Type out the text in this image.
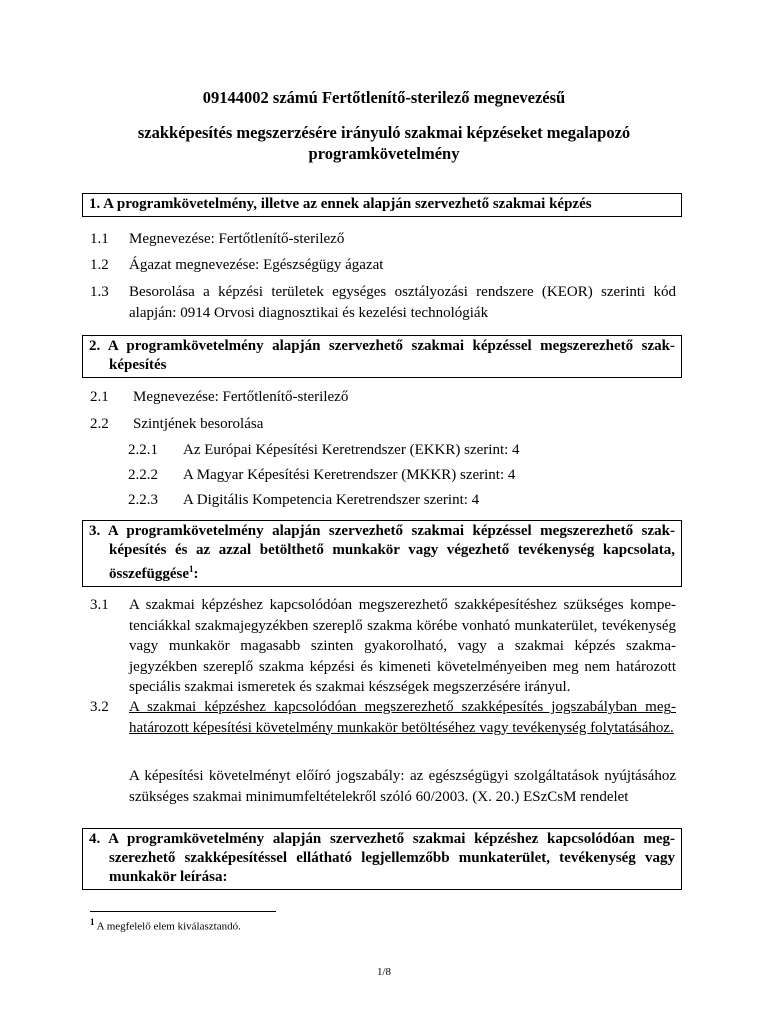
09144002 számú Fertőtlenítő-sterilező megnevezésű
szakképesítés megszerzésére irányuló szakmai képzéseket megalapozó
programkövetelmény
1. A programkövetelmény, illetve az ennek alapján szervezhető szakmai képzés
1.1 Megnevezése: Fertőtlenítő-sterilező
1.2 Ágazat megnevezése: Egészségügy ágazat
1.3 Besorolása a képzési területek egységes osztályozási rendszere (KEOR) szerinti kód alapján: 0914 Orvosi diagnosztikai és kezelési technológiák
2. A programkövetelmény alapján szervezhető szakmai képzéssel megszerezhető szakképesítés
2.1 Megnevezése: Fertőtlenítő-sterilező
2.2 Szintjének besorolása
2.2.1 Az Európai Képesítési Keretrendszer (EKKR) szerint: 4
2.2.2 A Magyar Képesítési Keretrendszer (MKKR) szerint: 4
2.2.3 A Digitális Kompetencia Keretrendszer szerint: 4
3. A programkövetelmény alapján szervezhető szakmai képzéssel megszerezhető szakképesítés és az azzal betölthető munkakör vagy végezhető tevékenység kapcsolata, összefüggése$^1$:
3.1 A szakmai képzéshez kapcsolódóan megszerezhető szakképesítéshez szükséges kompetenciákkal szakmajegyzékben szereplő szakma körébe vonható munkaterület, tevékenység vagy munkakör magasabb szinten gyakorolható, vagy a szakmai képzés szakmajegyzékben szereplő szakma képzési és kimeneti követelményeiben meg nem határozott speciális szakmai ismeretek és szakmai készségek megszerzésére irányul.
3.2 A szakmai képzéshez kapcsolódóan megszerezhető szakképesítés jogszabályban meghatározott képesítési követelmény munkakör betöltéséhez vagy tevékenység folytatásához.
A képesítési követelményt előíró jogszabály: az egészségügyi szolgáltatások nyújtásához szükséges szakmai minimumfeltételekről szóló 60/2003. (X. 20.) ESzCsM rendelet
4. A programkövetelmény alapján szervezhető szakmai képzéshez kapcsolódóan megszerezhető szakképesítéssel ellátható legjellemzőbb munkaterület, tevékenység vagy munkakör leírása:
$^1$ A megfelelő elem kiválasztandó.
1/8
